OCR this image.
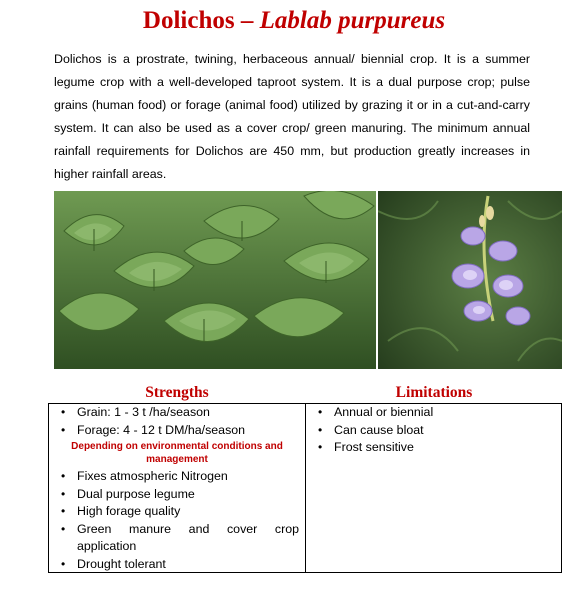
Dolichos – Lablab purpureus
Dolichos is a prostrate, twining, herbaceous annual/ biennial crop. It is a summer legume crop with a well-developed taproot system. It is a dual purpose crop; pulse grains (human food) or forage (animal food) utilized by grazing it or in a cut-and-carry system. It can also be used as a cover crop/ green manuring. The minimum annual rainfall requirements for Dolichos are 450 mm, but production greatly increases in higher rainfall areas.
Strengths	Limitations
• Grain: 1 - 3 t /ha/season
• Forage: 4 - 12 t DM/ha/season
Depending on environmental conditions and management
• Fixes atmospheric Nitrogen
• Dual purpose legume
• High forage quality
• Green manure and cover crop application
• Drought tolerant
• Annual or biennial
• Can cause bloat
• Frost sensitive
